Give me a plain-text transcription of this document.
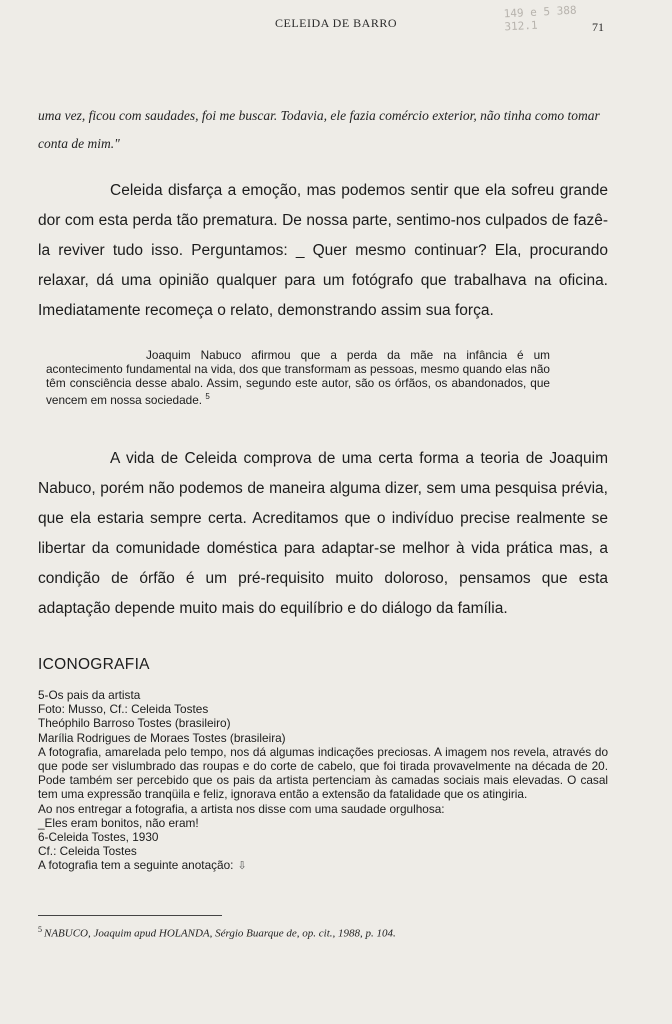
CELEIDA DE BARRO	71
149 e 5 388
312.1

uma vez, ficou com saudades, foi me buscar. Todavia, ele fazia comércio exterior, não tinha como tomar conta de mim."

Celeida disfarça a emoção, mas podemos sentir que ela sofreu grande dor com esta perda tão prematura. De nossa parte, sentimo-nos culpados de fazê-la reviver tudo isso. Perguntamos: _ Quer mesmo continuar? Ela, procurando relaxar, dá uma opinião qualquer para um fotógrafo que trabalhava na oficina. Imediatamente recomeça o relato, demonstrando assim sua força.

Joaquim Nabuco afirmou que a perda da mãe na infância é um acontecimento fundamental na vida, dos que transformam as pessoas, mesmo quando elas não têm consciência desse abalo. Assim, segundo este autor, são os órfãos, os abandonados, que vencem em nossa sociedade. $^5$

A vida de Celeida comprova de uma certa forma a teoria de Joaquim Nabuco, porém não podemos de maneira alguma dizer, sem uma pesquisa prévia, que ela estaria sempre certa. Acreditamos que o indivíduo precise realmente se libertar da comunidade doméstica para adaptar-se melhor à vida prática mas, a condição de órfão é um pré-requisito muito doloroso, pensamos que esta adaptação depende muito mais do equilíbrio e do diálogo da família.

ICONOGRAFIA
5-Os pais da artista
Foto: Musso, Cf.: Celeida Tostes
Theóphilo Barroso Tostes (brasileiro)
Marília Rodrigues de Moraes Tostes (brasileira)
A fotografia, amarelada pelo tempo, nos dá algumas indicações preciosas. A imagem nos revela, através do que pode ser vislumbrado das roupas e do corte de cabelo, que foi tirada provavelmente na década de 20. Pode também ser percebido que os pais da artista pertenciam às camadas sociais mais elevadas. O casal tem uma expressão tranqüila e feliz, ignorava então a extensão da fatalidade que os atingiria.
Ao nos entregar a fotografia, a artista nos disse com uma saudade orgulhosa:
_Eles eram bonitos, não eram!
6-Celeida Tostes, 1930
Cf.: Celeida Tostes
A fotografia tem a seguinte anotação: ⇩
$^5$ NABUCO, Joaquim apud HOLANDA, Sérgio Buarque de, op. cit., 1988, p. 104.
